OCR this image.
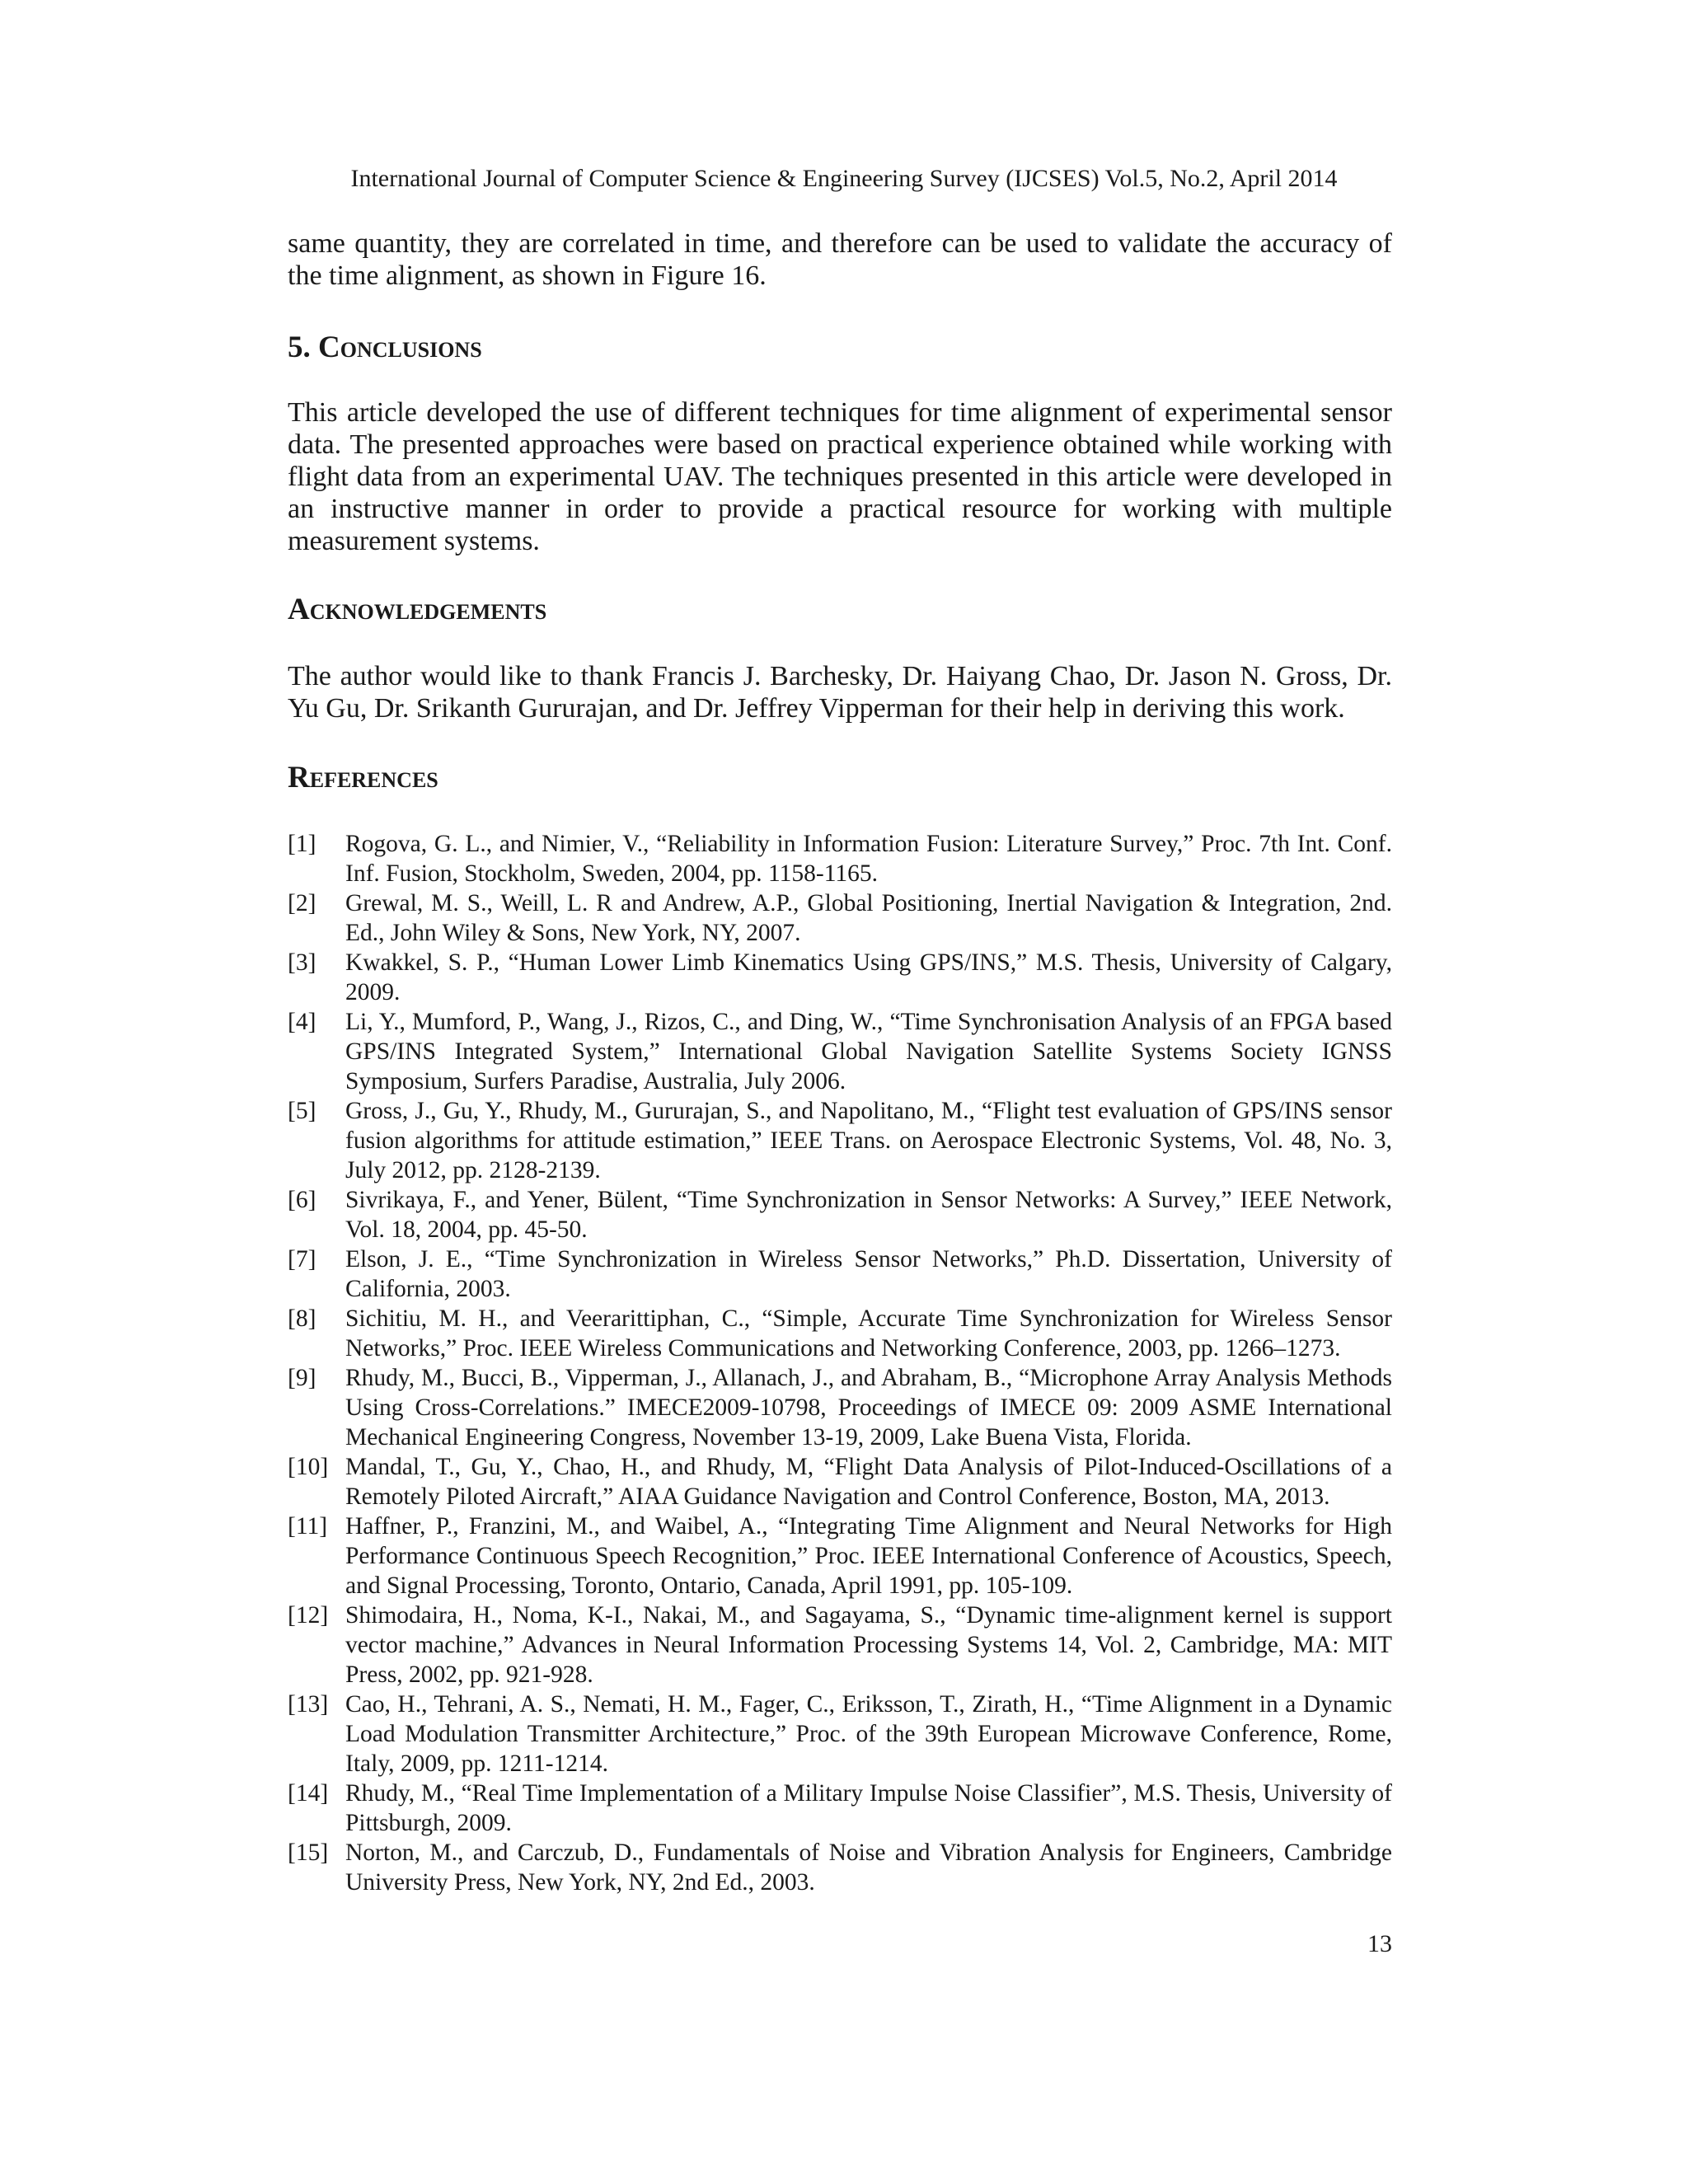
International Journal of Computer Science & Engineering Survey (IJCSES) Vol.5, No.2, April 2014

same quantity, they are correlated in time, and therefore can be used to validate the accuracy of the time alignment, as shown in Figure 16.

5. Conclusions

This article developed the use of different techniques for time alignment of experimental sensor data. The presented approaches were based on practical experience obtained while working with flight data from an experimental UAV. The techniques presented in this article were developed in an instructive manner in order to provide a practical resource for working with multiple measurement systems.

Acknowledgements

The author would like to thank Francis J. Barchesky, Dr. Haiyang Chao, Dr. Jason N. Gross, Dr. Yu Gu, Dr. Srikanth Gururajan, and Dr. Jeffrey Vipperman for their help in deriving this work.

References
[1]	Rogova, G. L., and Nimier, V., “Reliability in Information Fusion: Literature Survey,” Proc. 7th Int. Conf. Inf. Fusion, Stockholm, Sweden, 2004, pp. 1158-1165.
[2]	Grewal, M. S., Weill, L. R and Andrew, A.P., Global Positioning, Inertial Navigation & Integration, 2nd. Ed., John Wiley & Sons, New York, NY, 2007.
[3]	Kwakkel, S. P., “Human Lower Limb Kinematics Using GPS/INS,” M.S. Thesis, University of Calgary, 2009.
[4]	Li, Y., Mumford, P., Wang, J., Rizos, C., and Ding, W., “Time Synchronisation Analysis of an FPGA based GPS/INS Integrated System,” International Global Navigation Satellite Systems Society IGNSS Symposium, Surfers Paradise, Australia, July 2006.
[5]	Gross, J., Gu, Y., Rhudy, M., Gururajan, S., and Napolitano, M., “Flight test evaluation of GPS/INS sensor fusion algorithms for attitude estimation,” IEEE Trans. on Aerospace Electronic Systems, Vol. 48, No. 3, July 2012, pp. 2128-2139.
[6]	Sivrikaya, F., and Yener, Bülent, “Time Synchronization in Sensor Networks: A Survey,” IEEE Network, Vol. 18, 2004, pp. 45-50.
[7]	Elson, J. E., “Time Synchronization in Wireless Sensor Networks,” Ph.D. Dissertation, University of California, 2003.
[8]	Sichitiu, M. H., and Veerarittiphan, C., “Simple, Accurate Time Synchronization for Wireless Sensor Networks,” Proc. IEEE Wireless Communications and Networking Conference, 2003, pp. 1266–1273.
[9]	Rhudy, M., Bucci, B., Vipperman, J., Allanach, J., and Abraham, B., “Microphone Array Analysis Methods Using Cross-Correlations.” IMECE2009-10798, Proceedings of IMECE 09: 2009 ASME International Mechanical Engineering Congress, November 13-19, 2009, Lake Buena Vista, Florida.
[10] Mandal, T., Gu, Y., Chao, H., and Rhudy, M, “Flight Data Analysis of Pilot-Induced-Oscillations of a Remotely Piloted Aircraft,” AIAA Guidance Navigation and Control Conference, Boston, MA, 2013.
[11] Haffner, P., Franzini, M., and Waibel, A., “Integrating Time Alignment and Neural Networks for High Performance Continuous Speech Recognition,” Proc. IEEE International Conference of Acoustics, Speech, and Signal Processing, Toronto, Ontario, Canada, April 1991, pp. 105-109.
[12] Shimodaira, H., Noma, K-I., Nakai, M., and Sagayama, S., “Dynamic time-alignment kernel is support vector machine,” Advances in Neural Information Processing Systems 14, Vol. 2, Cambridge, MA: MIT Press, 2002, pp. 921-928.
[13] Cao, H., Tehrani, A. S., Nemati, H. M., Fager, C., Eriksson, T., Zirath, H., “Time Alignment in a Dynamic Load Modulation Transmitter Architecture,” Proc. of the 39th European Microwave Conference, Rome, Italy, 2009, pp. 1211-1214.
[14] Rhudy, M., “Real Time Implementation of a Military Impulse Noise Classifier”, M.S. Thesis, University of Pittsburgh, 2009.
[15] Norton, M., and Carczub, D., Fundamentals of Noise and Vibration Analysis for Engineers, Cambridge University Press, New York, NY, 2nd Ed., 2003.
13
